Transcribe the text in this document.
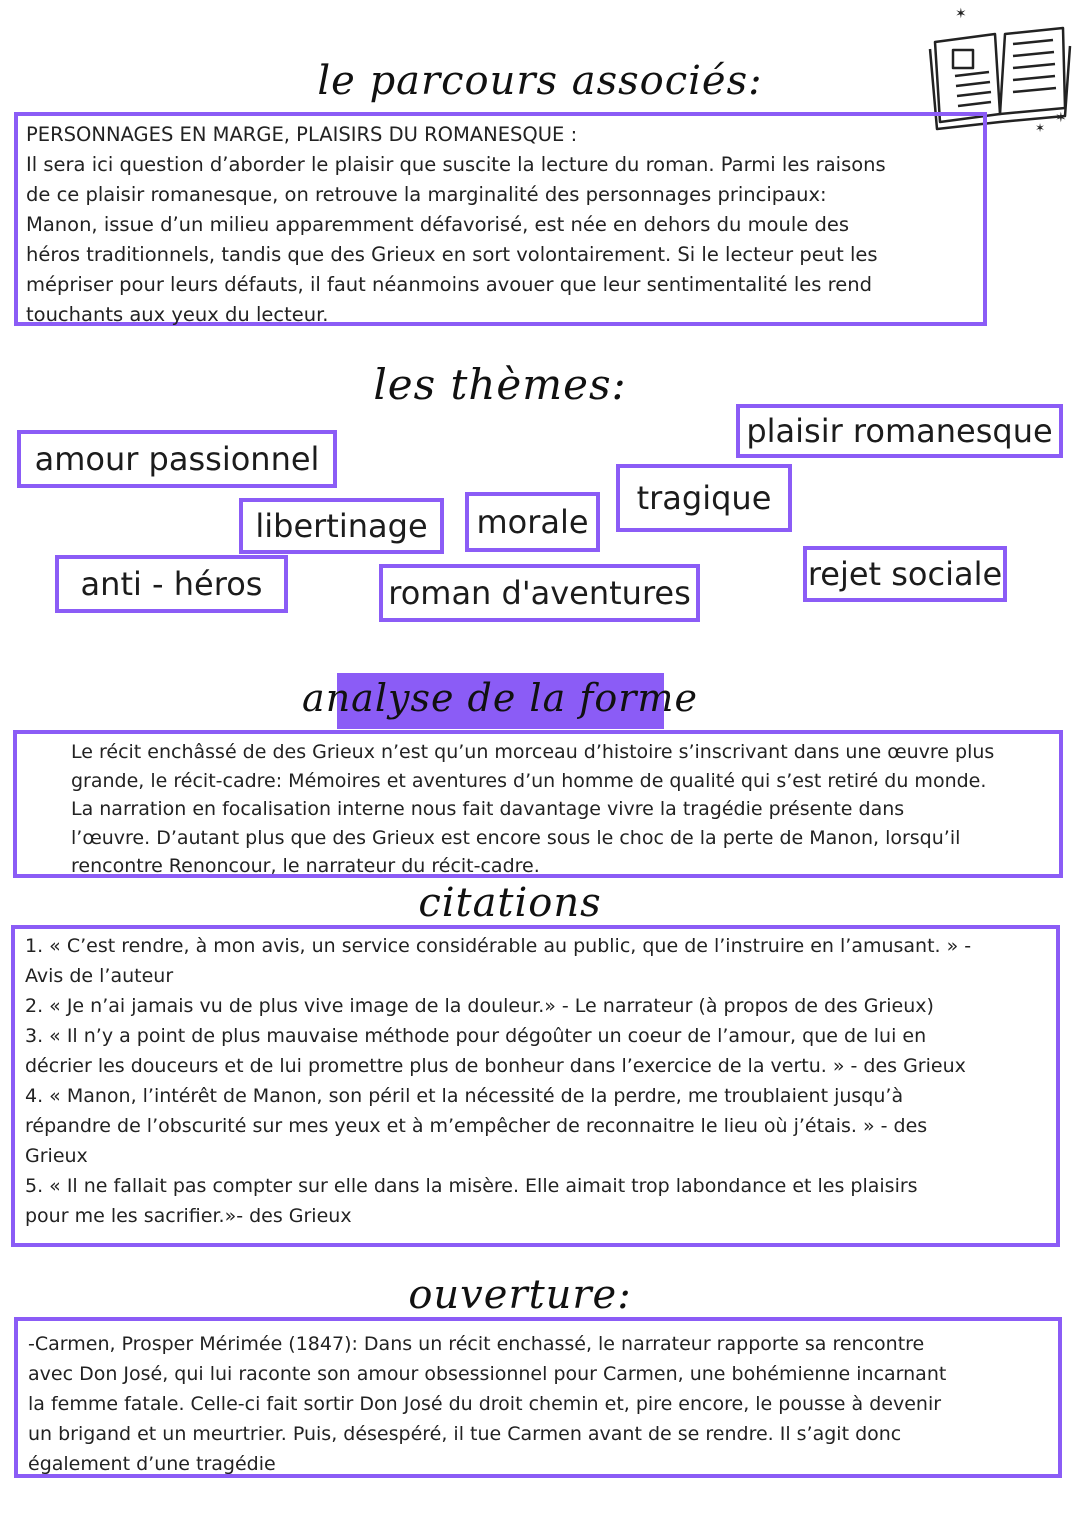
✶
✶
✶
le parcours associés:

PERSONNAGES EN MARGE, PLAISIRS DU ROMANESQUE :

Il sera ici question d’aborder le plaisir que suscite la lecture du roman. Parmi les raisons

de ce plaisir romanesque, on retrouve la marginalité des personnages principaux:

Manon, issue d’un milieu apparemment défavorisé, est née en dehors du moule des

héros traditionnels, tandis que des Grieux en sort volontairement. Si le lecteur peut les

mépriser pour leurs défauts, il faut néanmoins avouer que leur sentimentalité les rend

touchants aux yeux du lecteur.

les thèmes:
plaisir romanesque
amour passionnel
tragique
libertinage	morale
anti - héros	rejet sociale
roman d'aventures
analyse de la forme

Le récit enchâssé de des Grieux n’est qu’un morceau d’histoire s’inscrivant dans une œuvre plus

grande, le récit-cadre: Mémoires et aventures d’un homme de qualité qui s’est retiré du monde.

La narration en focalisation interne nous fait davantage vivre la tragédie présente dans

l’œuvre. D’autant plus que des Grieux est encore sous le choc de la perte de Manon, lorsqu’il

rencontre Renoncour, le narrateur du récit-cadre.

citations

1. « C’est rendre, à mon avis, un service considérable au public, que de l’instruire en l’amusant. » -

Avis de l’auteur

2. « Je n’ai jamais vu de plus vive image de la douleur.» - Le narrateur (à propos de des Grieux)

3. « Il n’y a point de plus mauvaise méthode pour dégoûter un coeur de l’amour, que de lui en

décrier les douceurs et de lui promettre plus de bonheur dans l’exercice de la vertu. » - des Grieux

4. « Manon, l’intérêt de Manon, son péril et la nécessité de la perdre, me troublaient jusqu’à

répandre de l’obscurité sur mes yeux et à m’empêcher de reconnaitre le lieu où j’étais. » - des

Grieux

5. « Il ne fallait pas compter sur elle dans la misère. Elle aimait trop labondance et les plaisirs

pour me les sacrifier.»- des Grieux

ouverture:

-Carmen, Prosper Mérimée (1847): Dans un récit enchassé, le narrateur rapporte sa rencontre

avec Don José, qui lui raconte son amour obsessionnel pour Carmen, une bohémienne incarnant

la femme fatale. Celle-ci fait sortir Don José du droit chemin et, pire encore, le pousse à devenir

un brigand et un meurtrier. Puis, désespéré, il tue Carmen avant de se rendre. Il s’agit donc

également d’une tragédie
